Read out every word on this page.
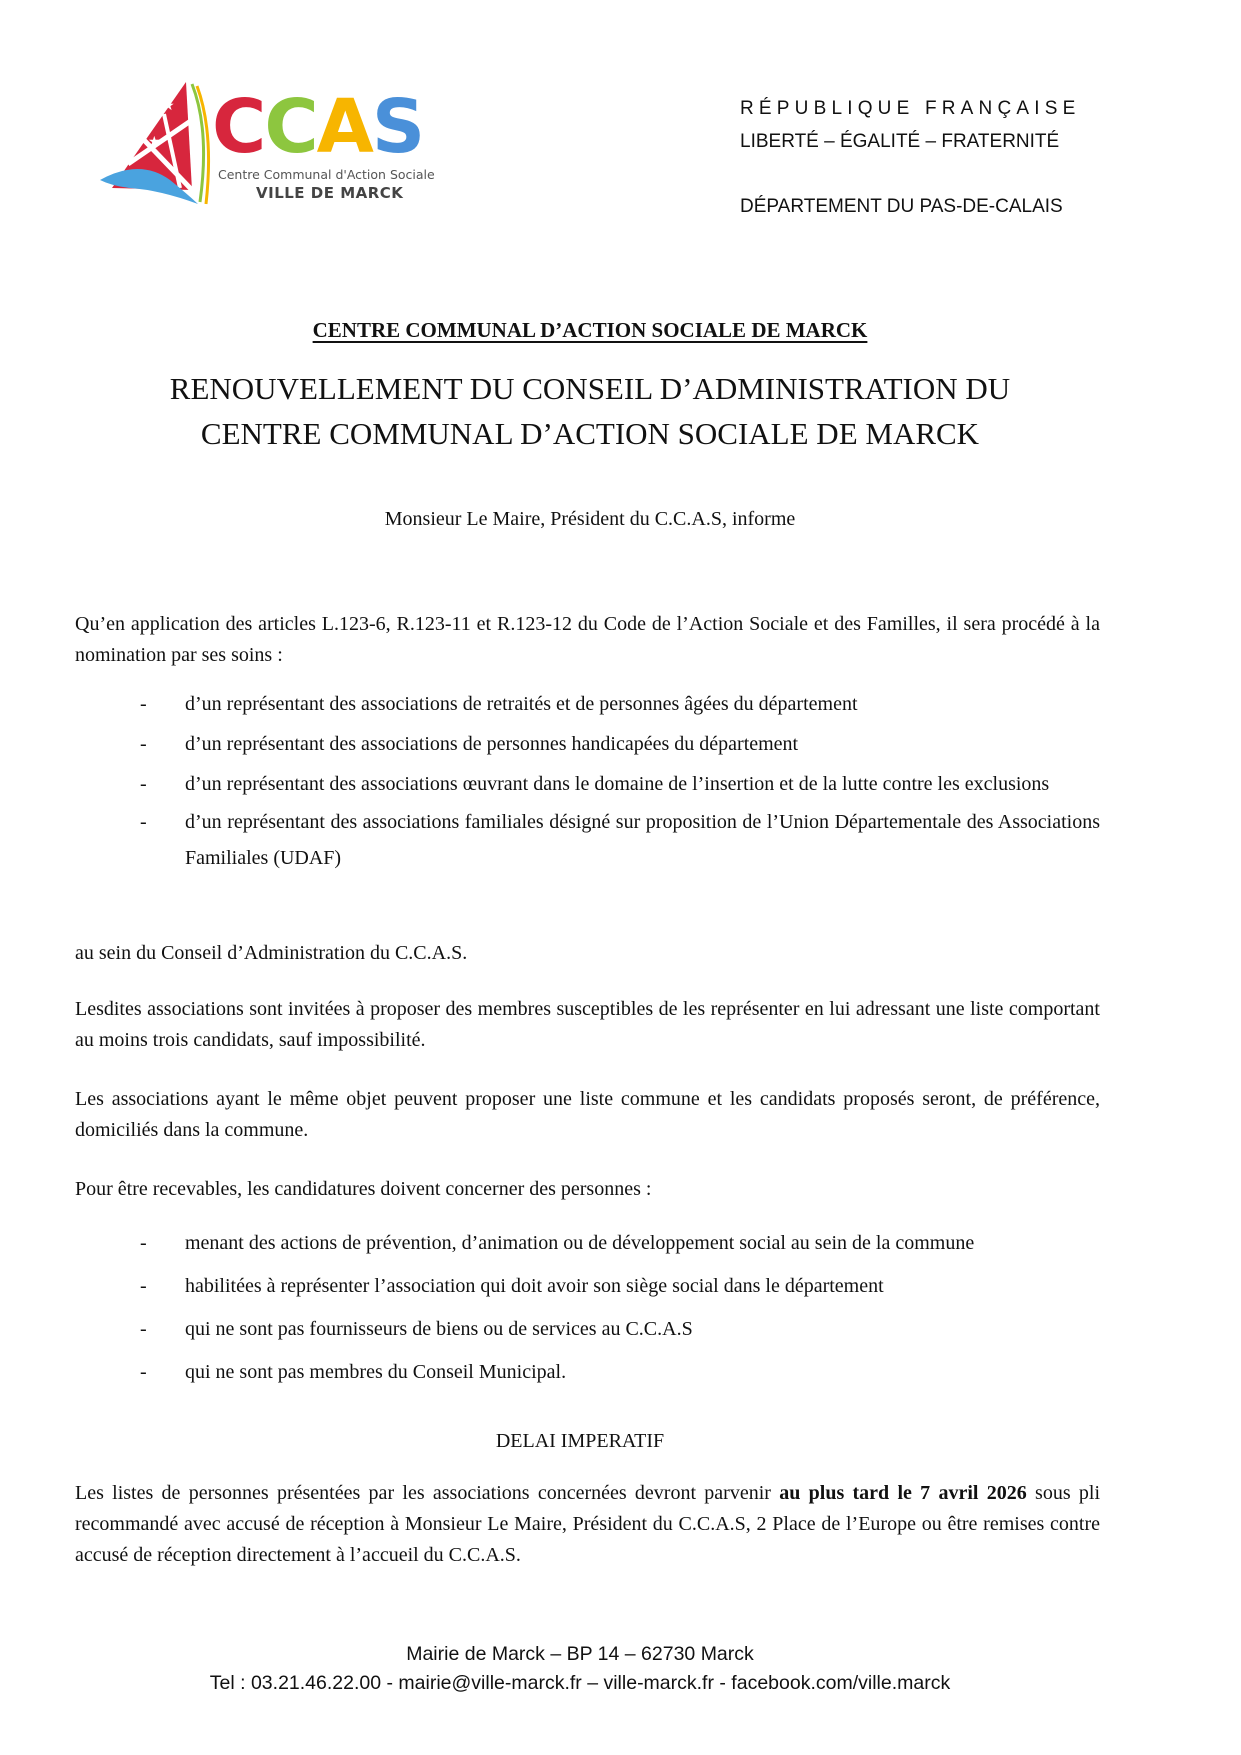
★
★ CCAS
Centre Communal d'Action Sociale
VILLE DE MARCK
RÉPUBLIQUE FRANÇAISE
LIBERTÉ – ÉGALITÉ – FRATERNITÉ
DÉPARTEMENT DU PAS-DE-CALAIS
CENTRE COMMUNAL D’ACTION SOCIALE DE MARCK
RENOUVELLEMENT DU CONSEIL D’ADMINISTRATION DU
CENTRE COMMUNAL D’ACTION SOCIALE DE MARCK
Monsieur Le Maire, Président du C.C.A.S, informe
Qu’en application des articles L.123-6, R.123-11 et R.123-12 du Code de l’Action Sociale et des Familles, il sera procédé à la nomination par ses soins :
- d’un représentant des associations de retraités et de personnes âgées du département
- d’un représentant des associations de personnes handicapées du département
- d’un représentant des associations œuvrant dans le domaine de l’insertion et de la lutte contre les exclusions
- d’un représentant des associations familiales désigné sur proposition de l’Union Départementale des Associations Familiales (UDAF)
au sein du Conseil d’Administration du C.C.A.S.
Lesdites associations sont invitées à proposer des membres susceptibles de les représenter en lui adressant une liste comportant au moins trois candidats, sauf impossibilité.
Les associations ayant le même objet peuvent proposer une liste commune et les candidats proposés seront, de préférence, domiciliés dans la commune.
Pour être recevables, les candidatures doivent concerner des personnes :
- menant des actions de prévention, d’animation ou de développement social au sein de la commune
- habilitées à représenter l’association qui doit avoir son siège social dans le département
- qui ne sont pas fournisseurs de biens ou de services au C.C.A.S
- qui ne sont pas membres du Conseil Municipal.
DELAI IMPERATIF
Les listes de personnes présentées par les associations concernées devront parvenir au plus tard le 7 avril 2026 sous pli recommandé avec accusé de réception à Monsieur Le Maire, Président du C.C.A.S, 2 Place de l’Europe ou être remises contre accusé de réception directement à l’accueil du C.C.A.S.
Mairie de Marck – BP 14 – 62730 Marck
Tel : 03.21.46.22.00 - mairie@ville-marck.fr – ville-marck.fr - facebook.com/ville.marck
